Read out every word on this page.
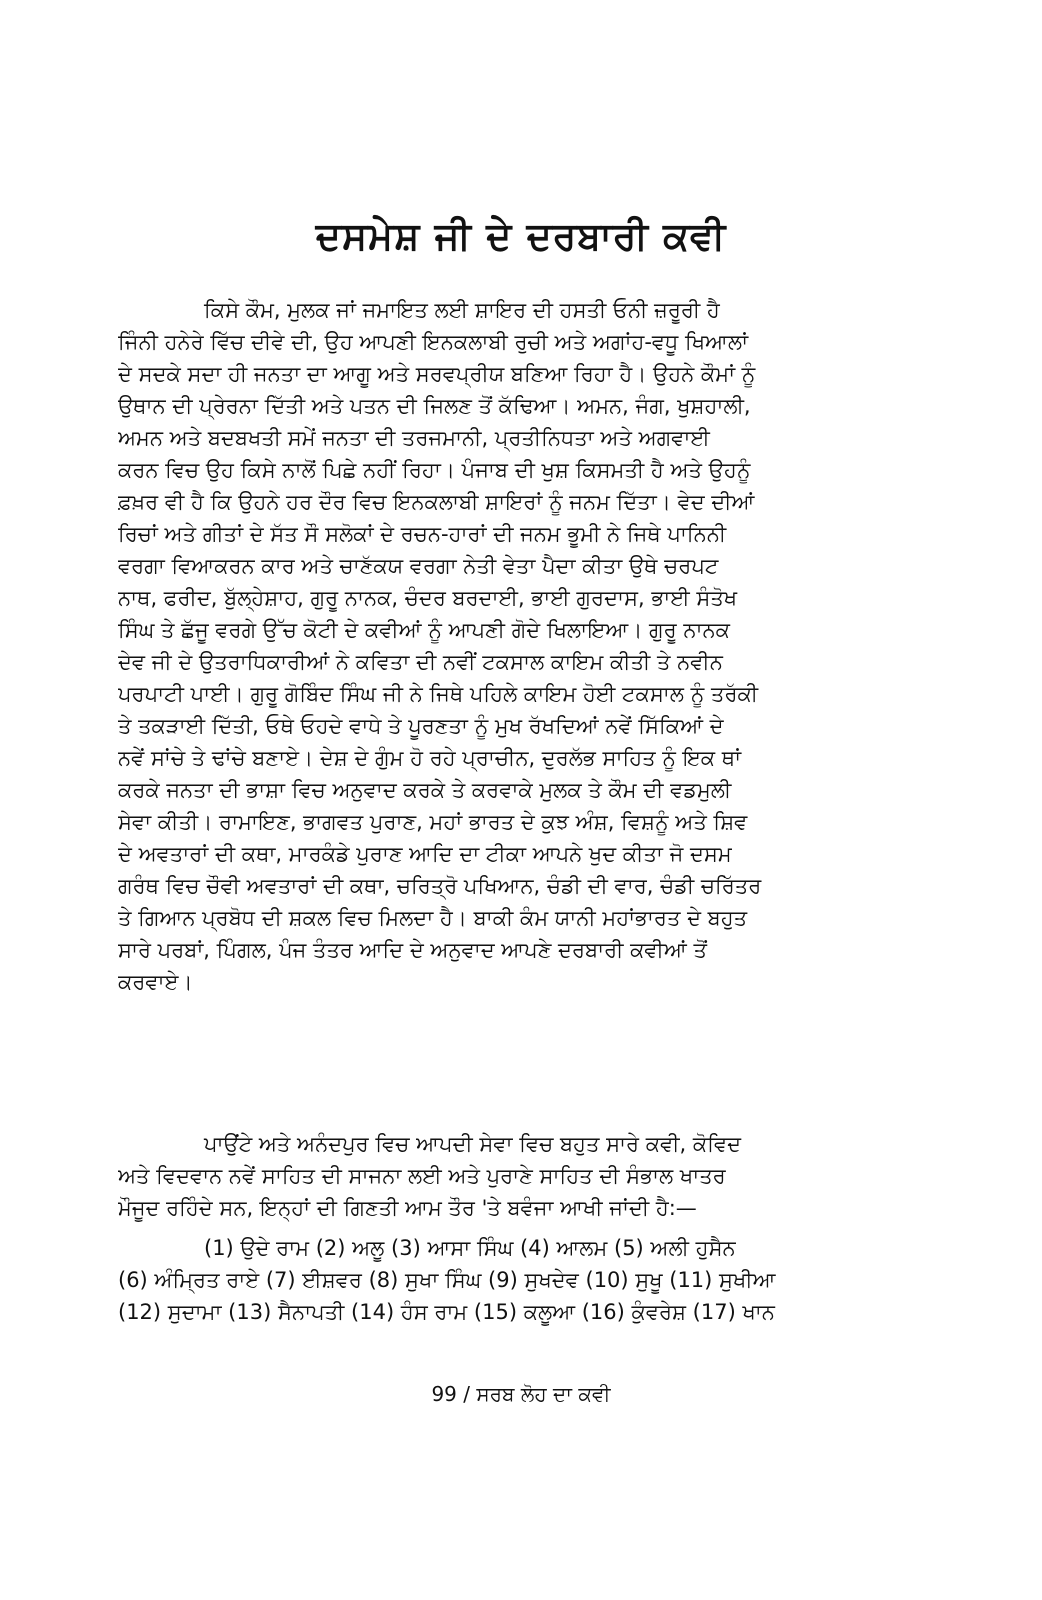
ਦਸਮੇਸ਼ ਜੀ ਦੇ ਦਰਬਾਰੀ ਕਵੀ
ਕਿਸੇ ਕੌਮ, ਮੁਲਕ ਜਾਂ ਜਮਾਇਤ ਲਈ ਸ਼ਾਇਰ ਦੀ ਹਸਤੀ ਓਨੀ ਜ਼ਰੂਰੀ ਹੈ
ਜਿੰਨੀ ਹਨੇਰੇ ਵਿੱਚ ਦੀਵੇ ਦੀ, ਉਹ ਆਪਣੀ ਇਨਕਲਾਬੀ ਰੁਚੀ ਅਤੇ ਅਗਾਂਹ-ਵਧੂ ਖਿਆਲਾਂ
ਦੇ ਸਦਕੇ ਸਦਾ ਹੀ ਜਨਤਾ ਦਾ ਆਗੂ ਅਤੇ ਸਰਵਪ੍ਰੀਯ ਬਣਿਆ ਰਿਹਾ ਹੈ। ਉਹਨੇ ਕੌਮਾਂ ਨੂੰ
ਉਥਾਨ ਦੀ ਪ੍ਰੇਰਨਾ ਦਿੱਤੀ ਅਤੇ ਪਤਨ ਦੀ ਜਿਲਣ ਤੋਂ ਕੱਢਿਆ। ਅਮਨ, ਜੰਗ, ਖੁਸ਼ਹਾਲੀ,
ਅਮਨ ਅਤੇ ਬਦਬਖਤੀ ਸਮੇਂ ਜਨਤਾ ਦੀ ਤਰਜਮਾਨੀ, ਪ੍ਰਤੀਨਿਧਤਾ ਅਤੇ ਅਗਵਾਈ
ਕਰਨ ਵਿਚ ਉਹ ਕਿਸੇ ਨਾਲੋਂ ਪਿਛੇ ਨਹੀਂ ਰਿਹਾ। ਪੰਜਾਬ ਦੀ ਖੁਸ਼ ਕਿਸਮਤੀ ਹੈ ਅਤੇ ਉਹਨੂੰ
ਫ਼ਖ਼ਰ ਵੀ ਹੈ ਕਿ ਉਹਨੇ ਹਰ ਦੌਰ ਵਿਚ ਇਨਕਲਾਬੀ ਸ਼ਾਇਰਾਂ ਨੂੰ ਜਨਮ ਦਿੱਤਾ। ਵੇਦ ਦੀਆਂ
ਰਿਚਾਂ ਅਤੇ ਗੀਤਾਂ ਦੇ ਸੱਤ ਸੌ ਸਲੋਕਾਂ ਦੇ ਰਚਨ-ਹਾਰਾਂ ਦੀ ਜਨਮ ਭੂਮੀ ਨੇ ਜਿਥੇ ਪਾਨਿਨੀ
ਵਰਗਾ ਵਿਆਕਰਨ ਕਾਰ ਅਤੇ ਚਾਣੱਕਯ ਵਰਗਾ ਨੇਤੀ ਵੇਤਾ ਪੈਦਾ ਕੀਤਾ ਉਥੇ ਚਰਪਟ
ਨਾਥ, ਫਰੀਦ, ਬੁੱਲ੍ਹੇਸ਼ਾਹ, ਗੁਰੂ ਨਾਨਕ, ਚੰਦਰ ਬਰਦਾਈ, ਭਾਈ ਗੁਰਦਾਸ, ਭਾਈ ਸੰਤੋਖ
ਸਿੰਘ ਤੇ ਛੱਜੂ ਵਰਗੇ ਉੱਚ ਕੋਟੀ ਦੇ ਕਵੀਆਂ ਨੂੰ ਆਪਣੀ ਗੋਦੇ ਖਿਲਾਇਆ। ਗੁਰੂ ਨਾਨਕ
ਦੇਵ ਜੀ ਦੇ ਉਤਰਾਧਿਕਾਰੀਆਂ ਨੇ ਕਵਿਤਾ ਦੀ ਨਵੀਂ ਟਕਸਾਲ ਕਾਇਮ ਕੀਤੀ ਤੇ ਨਵੀਨ
ਪਰਪਾਟੀ ਪਾਈ। ਗੁਰੂ ਗੋਬਿੰਦ ਸਿੰਘ ਜੀ ਨੇ ਜਿਥੇ ਪਹਿਲੇ ਕਾਇਮ ਹੋਈ ਟਕਸਾਲ ਨੂੰ ਤਰੱਕੀ
ਤੇ ਤਕੜਾਈ ਦਿੱਤੀ, ਓਥੇ ਓਹਦੇ ਵਾਧੇ ਤੇ ਪੂਰਣਤਾ ਨੂੰ ਮੁਖ ਰੱਖਦਿਆਂ ਨਵੇਂ ਸਿੱਕਿਆਂ ਦੇ
ਨਵੇਂ ਸਾਂਚੇ ਤੇ ਢਾਂਚੇ ਬਣਾਏ। ਦੇਸ਼ ਦੇ ਗੁੰਮ ਹੋ ਰਹੇ ਪ੍ਰਾਚੀਨ, ਦੁਰਲੱਭ ਸਾਹਿਤ ਨੂੰ ਇਕ ਥਾਂ
ਕਰਕੇ ਜਨਤਾ ਦੀ ਭਾਸ਼ਾ ਵਿਚ ਅਨੁਵਾਦ ਕਰਕੇ ਤੇ ਕਰਵਾਕੇ ਮੁਲਕ ਤੇ ਕੌਮ ਦੀ ਵਡਮੁਲੀ
ਸੇਵਾ ਕੀਤੀ। ਰਾਮਾਇਣ, ਭਾਗਵਤ ਪੁਰਾਣ, ਮਹਾਂ ਭਾਰਤ ਦੇ ਕੁਝ ਅੰਸ਼, ਵਿਸ਼ਨੂੰ ਅਤੇ ਸ਼ਿਵ
ਦੇ ਅਵਤਾਰਾਂ ਦੀ ਕਥਾ, ਮਾਰਕੰਡੇ ਪੁਰਾਣ ਆਦਿ ਦਾ ਟੀਕਾ ਆਪਨੇ ਖੁਦ ਕੀਤਾ ਜੋ ਦਸਮ
ਗਰੰਥ ਵਿਚ ਚੌਵੀ ਅਵਤਾਰਾਂ ਦੀ ਕਥਾ, ਚਰਿਤ੍ਰੋ ਪਖਿਆਨ, ਚੰਡੀ ਦੀ ਵਾਰ, ਚੰਡੀ ਚਰਿੱਤਰ
ਤੇ ਗਿਆਨ ਪ੍ਰਬੋਧ ਦੀ ਸ਼ਕਲ ਵਿਚ ਮਿਲਦਾ ਹੈ। ਬਾਕੀ ਕੰਮ ਯਾਨੀ ਮਹਾਂਭਾਰਤ ਦੇ ਬਹੁਤ
ਸਾਰੇ ਪਰਬਾਂ, ਪਿੰਗਲ, ਪੰਜ ਤੰਤਰ ਆਦਿ ਦੇ ਅਨੁਵਾਦ ਆਪਣੇ ਦਰਬਾਰੀ ਕਵੀਆਂ ਤੋਂ
ਕਰਵਾਏ।
ਪਾਉਂਟੇ ਅਤੇ ਅਨੰਦਪੁਰ ਵਿਚ ਆਪਦੀ ਸੇਵਾ ਵਿਚ ਬਹੁਤ ਸਾਰੇ ਕਵੀ, ਕੋਵਿਦ
ਅਤੇ ਵਿਦਵਾਨ ਨਵੇਂ ਸਾਹਿਤ ਦੀ ਸਾਜਨਾ ਲਈ ਅਤੇ ਪੁਰਾਣੇ ਸਾਹਿਤ ਦੀ ਸੰਭਾਲ ਖਾਤਰ
ਮੌਜੂਦ ਰਹਿੰਦੇ ਸਨ, ਇਨ੍ਹਾਂ ਦੀ ਗਿਣਤੀ ਆਮ ਤੌਰ 'ਤੇ ਬਵੰਜਾ ਆਖੀ ਜਾਂਦੀ ਹੈ:—
(1) ਉਦੇ ਰਾਮ (2) ਅਲੂ (3) ਆਸਾ ਸਿੰਘ (4) ਆਲਮ (5) ਅਲੀ ਹੁਸੈਨ
(6) ਅੰਮ੍ਰਿਤ ਰਾਏ (7) ਈਸ਼ਵਰ (8) ਸੁਖਾ ਸਿੰਘ (9) ਸੁਖਦੇਵ (10) ਸੁਖੂ (11) ਸੁਖੀਆ
(12) ਸੁਦਾਮਾ (13) ਸੈਨਾਪਤੀ (14) ਹੰਸ ਰਾਮ (15) ਕਲੂਆ (16) ਕੁੰਵਰੇਸ਼ (17) ਖਾਨ
99 / ਸਰਬ ਲੋਹ ਦਾ ਕਵੀ
